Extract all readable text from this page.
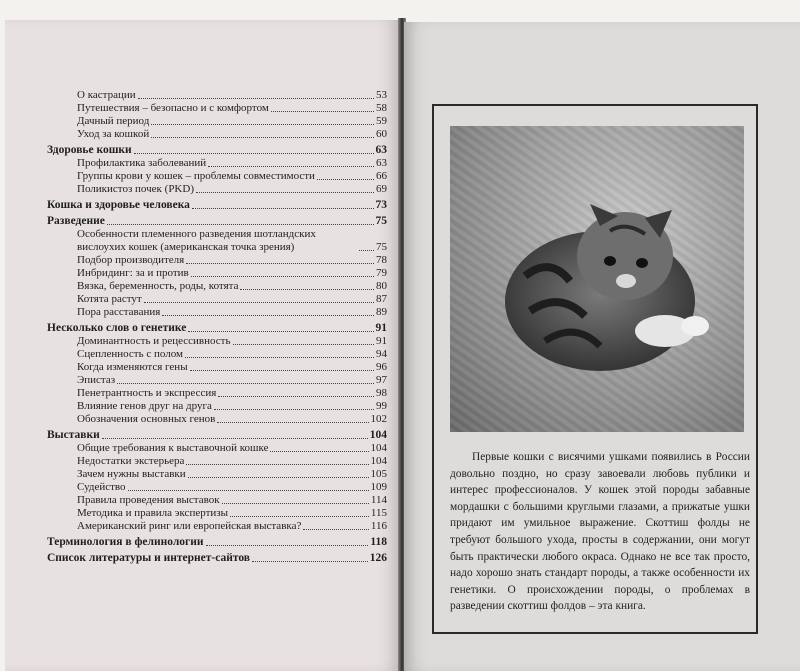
О кастрации	53
Путешествия – безопасно и с комфортом	58
Дачный период	59
Уход за кошкой	60
Здоровье кошки	63
Профилактика заболеваний	63
Группы крови у кошек – проблемы совместимости	66
Поликистоз почек (PKD)	69
Кошка и здоровье человека	73
Разведение	75
Особенности племенного разведения шотландских вислоухих кошек (американская точка зрения)	75
Подбор производителя	78
Инбридинг: за и против	79
Вязка, беременность, роды, котята	80
Котята растут	87
Пора расставания	89
Несколько слов о генетике	91
Доминантность и рецессивность	91
Сцепленность с полом	94
Когда изменяются гены	96
Эпистаз	97
Пенетрантность и экспрессия	98
Влияние генов друг на друга	99
Обозначения основных генов	102
Выставки	104
Общие требования к выставочной кошке	104
Недостатки экстерьера	104
Зачем нужны выставки	105
Судейство	109
Правила проведения выставок	114
Методика и правила экспертизы	115
Американский ринг или европейская выставка?	116
Терминология в фелинологии	118
Список литературы и интернет-сайтов	126
Первые кошки с висячими ушками появились в России довольно поздно, но сразу завоевали любовь публики и интерес профессионалов. У кошек этой породы забавные мордашки с большими круглыми глазами, а прижатые ушки придают им умильное выражение. Скоттиш фолды не требуют большого ухода, просты в содержании, они могут быть практически любого окраса. Однако не все так просто, надо хорошо знать стандарт породы, а также особенности их генетики. О происхождении породы, о проблемах в разведении скоттиш фолдов – эта книга.
